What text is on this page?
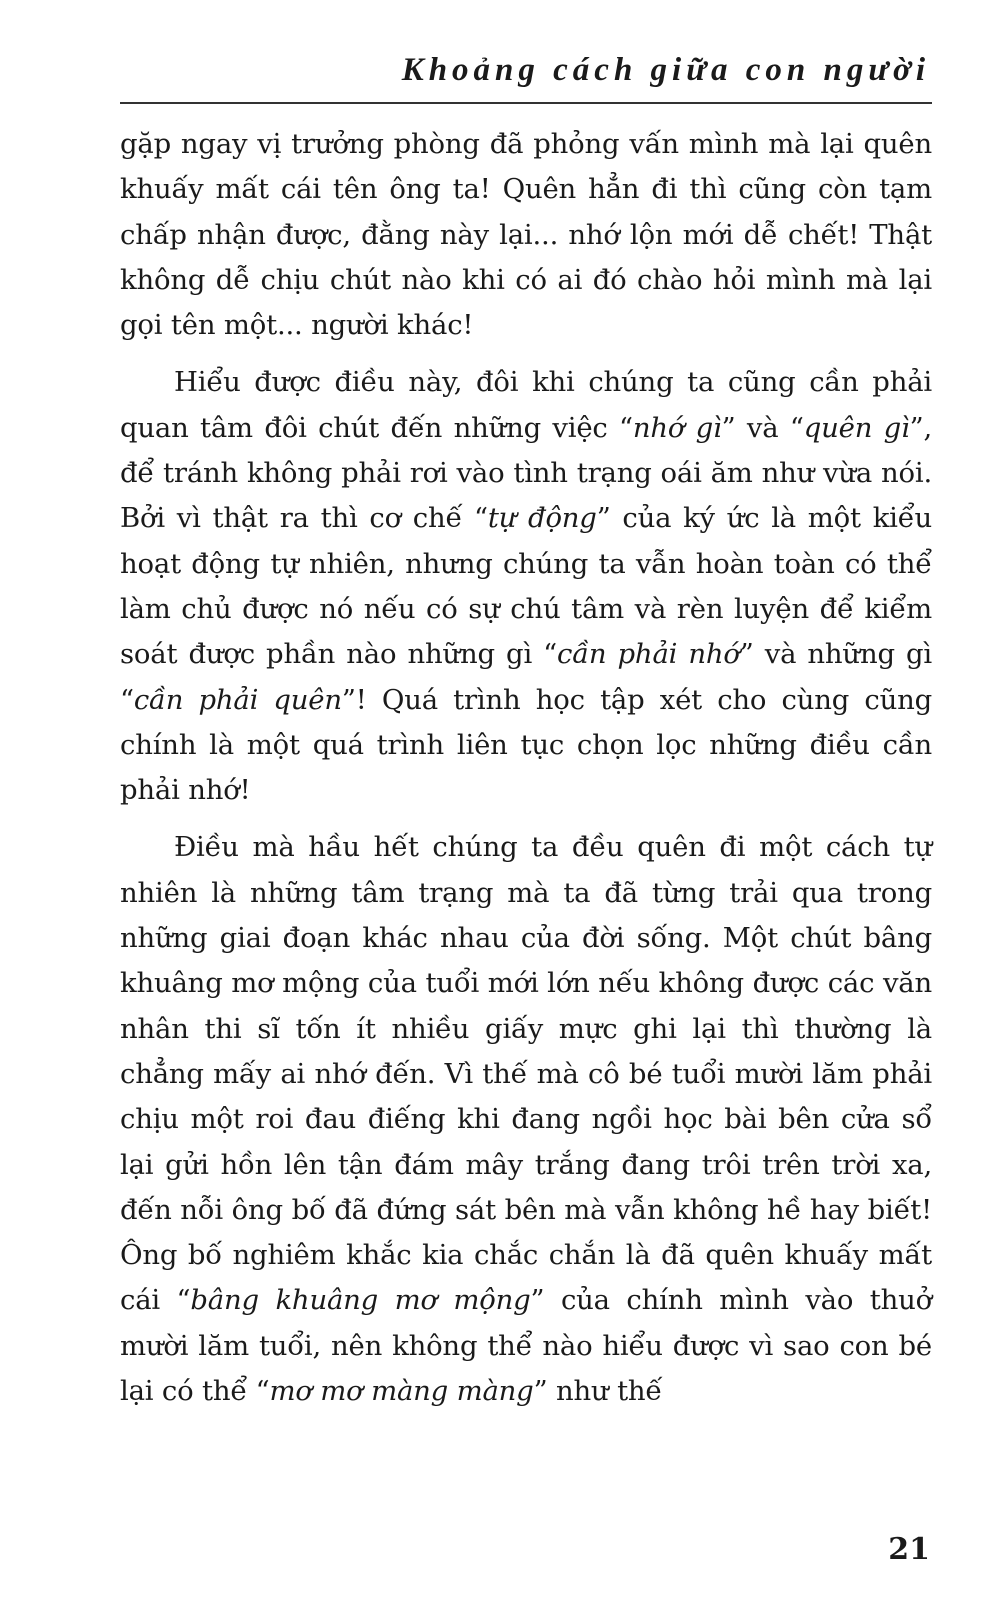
Khoảng cách giữa con người

gặp ngay vị trưởng phòng đã phỏng vấn mình mà lại quên khuấy mất cái tên ông ta! Quên hẳn đi thì cũng còn tạm chấp nhận được, đằng này lại... nhớ lộn mới dễ chết! Thật không dễ chịu chút nào khi có ai đó chào hỏi mình mà lại gọi tên một... người khác!

Hiểu được điều này, đôi khi chúng ta cũng cần phải quan tâm đôi chút đến những việc “nhớ gì” và “quên gì”, để tránh không phải rơi vào tình trạng oái ăm như vừa nói. Bởi vì thật ra thì cơ chế “tự động” của ký ức là một kiểu hoạt động tự nhiên, nhưng chúng ta vẫn hoàn toàn có thể làm chủ được nó nếu có sự chú tâm và rèn luyện để kiểm soát được phần nào những gì “cần phải nhớ” và những gì “cần phải quên”! Quá trình học tập xét cho cùng cũng chính là một quá trình liên tục chọn lọc những điều cần phải nhớ!

Điều mà hầu hết chúng ta đều quên đi một cách tự nhiên là những tâm trạng mà ta đã từng trải qua trong những giai đoạn khác nhau của đời sống. Một chút bâng khuâng mơ mộng của tuổi mới lớn nếu không được các văn nhân thi sĩ tốn ít nhiều giấy mực ghi lại thì thường là chẳng mấy ai nhớ đến. Vì thế mà cô bé tuổi mười lăm phải chịu một roi đau điếng khi đang ngồi học bài bên cửa sổ lại gửi hồn lên tận đám mây trắng đang trôi trên trời xa, đến nỗi ông bố đã đứng sát bên mà vẫn không hề hay biết! Ông bố nghiêm khắc kia chắc chắn là đã quên khuấy mất cái “bâng khuâng mơ mộng” của chính mình vào thuở mười lăm tuổi, nên không thể nào hiểu được vì sao con bé lại có thể “mơ mơ màng màng” như thế

21
